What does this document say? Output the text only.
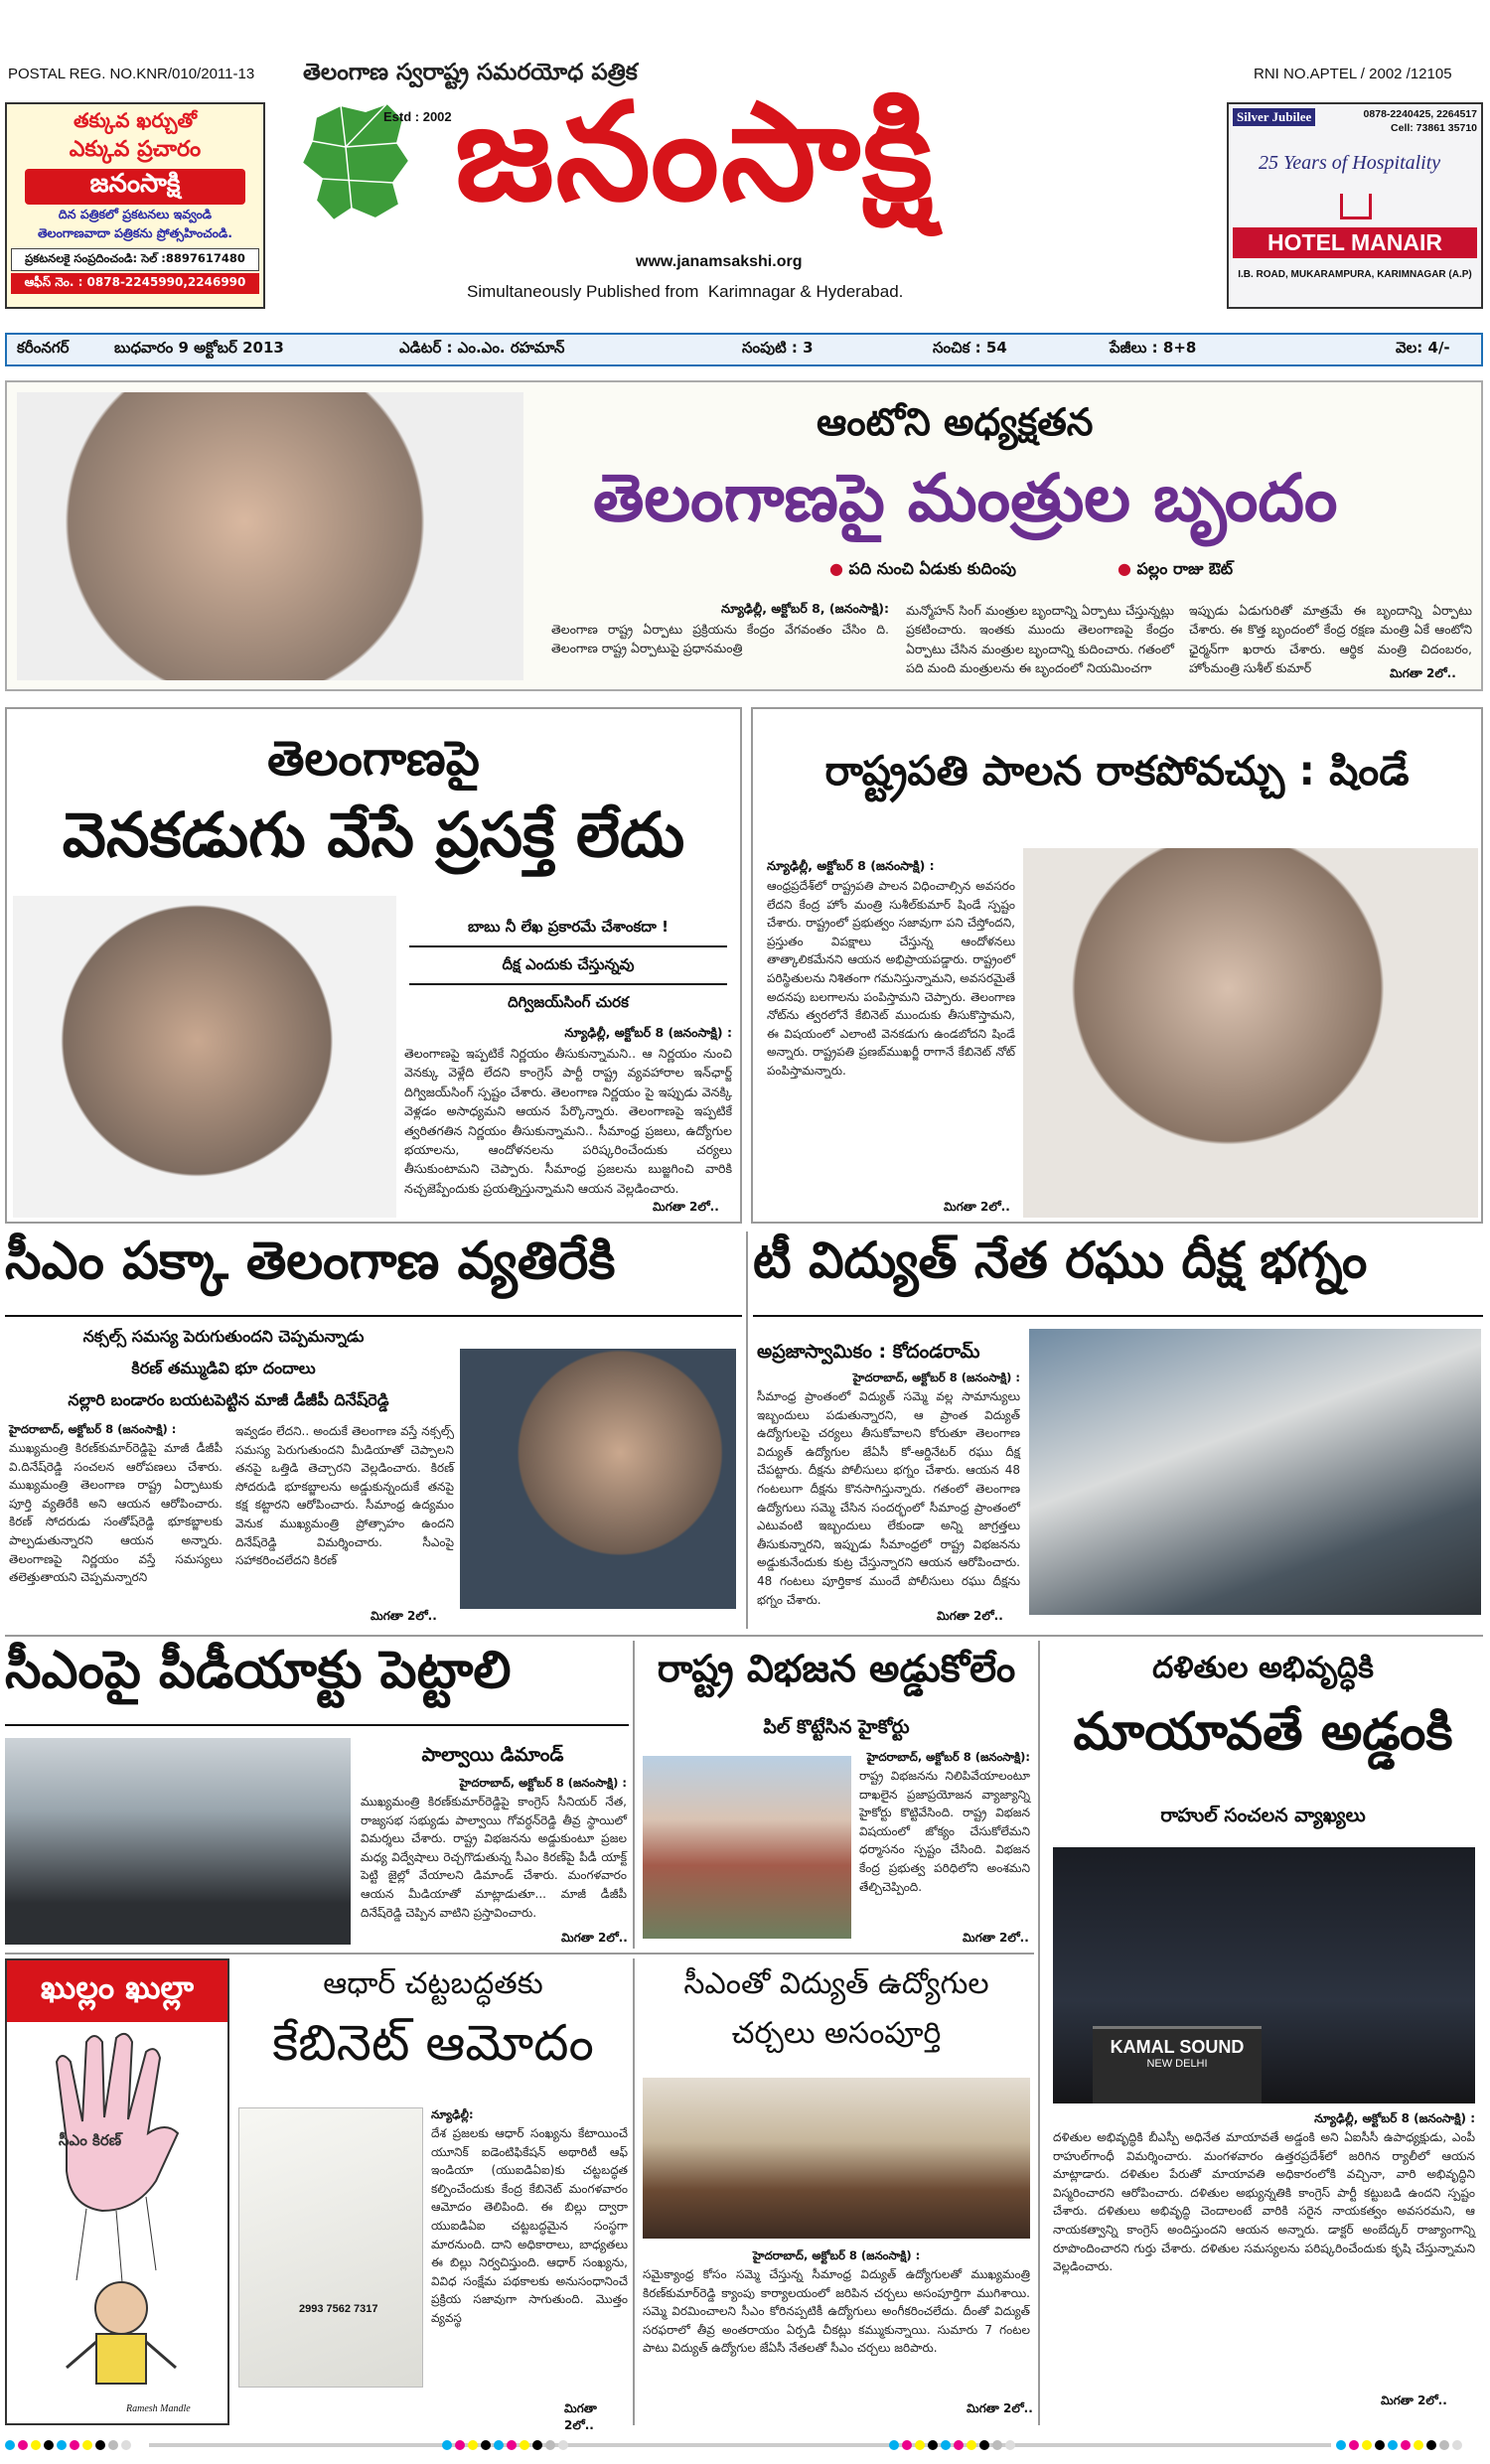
POSTAL REG. NO.KNR/010/2011-13 తెలంగాణ స్వరాష్ట్ర సమరయోధ పత్రిక	RNI NO.APTEL / 2002 /12105
తక్కువ ఖర్చుతో
ఎక్కువ ప్రచారం
జనంసాక్షి
దిన పత్రికలో ప్రకటనలు ఇవ్వండి
తెలంగాణవాదా పత్రికను ప్రోత్సహించండి.
ప్రకటనలకై సంప్రదించండి: సెల్ :8897617480
ఆఫీస్ నెం. : 0878-2245990,2246990
Estd : 2002 జనంసాక్షి
www.janamsakshi.org
Simultaneously Published from  Karimnagar & Hyderabad.
Silver Jubilee	0878-2240425, 2264517
Cell: 73861 35710
25 Years of Hospitality
HOTEL MANAIR
I.B. ROAD, MUKARAMPURA, KARIMNAGAR (A.P)
కరీంనగర్	బుధవారం 9 అక్టోబర్ 2013	ఎడిటర్ : ఎం.ఎం. రహమాన్	సంపుటి : 3	సంచిక : 54	పేజీలు : 8+8	వెల: 4/-
ఆంటోని అధ్యక్షతన
తెలంగాణపై మంత్రుల బృందం
● పది నుంచి ఏడుకు కుదింపు	● పల్లం రాజు ఔట్
న్యూఢిల్లీ, అక్టోబర్ 8, (జనంసాక్షి):
తెలంగాణ రాష్ట్ర ఏర్పాటు ప్రక్రియను కేంద్రం వేగవంతం చేసిం ది. తెలంగాణ రాష్ట్ర ఏర్పాటుపై ప్రధానమంత్రి
మన్మోహన్ సింగ్ మంత్రుల బృందాన్ని ఏర్పాటు చేస్తున్నట్లు ప్రకటించారు. ఇంతకు ముందు తెలంగాణపై కేంద్రం ఏర్పాటు చేసిన మంత్రుల బృందాన్ని కుదించారు. గతంలో పది మంది మంత్రులను ఈ బృందంలో నియమించగా
ఇప్పుడు ఏడుగురితో మాత్రమే ఈ బృందాన్ని ఏర్పాటు చేశారు. ఈ కొత్త బృందంలో కేంద్ర రక్షణ మంత్రి ఏకే ఆంటోని ఛైర్మన్‌గా ఖరారు చేశారు. ఆర్థిక మంత్రి చిదంబరం, హోంమంత్రి సుశీల్ కుమార్	మిగతా 2లో..
తెలంగాణపై
వెనకడుగు వేసే ప్రసక్తే లేదు
బాబు నీ లేఖ ప్రకారమే చేశాంకదా !
దీక్ష ఎందుకు చేస్తున్నవు
దిగ్విజయ్‌సింగ్ చురక
న్యూఢిల్లీ, అక్టోబర్ 8 (జనంసాక్షి) :
తెలంగాణపై ఇప్పటికే నిర్ణయం తీసుకున్నామని.. ఆ నిర్ణయం నుంచి వెనక్కు వెళ్లేది లేదని కాంగ్రెస్ పార్టీ రాష్ట్ర వ్యవహారాల ఇన్‌ఛార్జ్ దిగ్విజయ్‌సింగ్ స్పష్టం చేశారు. తెలంగాణ నిర్ణయం పై ఇప్పుడు వెనక్కి వెళ్లడం అసాధ్యమని ఆయన పేర్కొన్నారు. తెలంగాణపై ఇప్పటికే త్వరితగతిన నిర్ణయం తీసుకున్నామని.. సీమాంధ్ర ప్రజలు, ఉద్యోగుల భయాలను, ఆందోళనలను పరిష్కరించేందుకు చర్యలు తీసుకుంటామని చెప్పారు. సీమాంధ్ర ప్రజలను బుజ్జగించి వారికి నచ్చజెప్పేందుకు ప్రయత్నిస్తున్నామని ఆయన వెల్లడించారు.
మిగతా 2లో..
రాష్ట్రపతి పాలన రాకపోవచ్చు : షిండే
న్యూఢిల్లీ, అక్టోబర్ 8 (జనంసాక్షి) :
ఆంధ్రప్రదేశ్‌లో రాష్ట్రపతి పాలన విధించాల్సిన అవసరం లేదని కేంద్ర హోం మంత్రి సుశీల్‌కుమార్ షిండే స్పష్టం చేశారు. రాష్ట్రంలో ప్రభుత్వం సజావుగా పని చేస్తోందని, ప్రస్తుతం విపక్షాలు చేస్తున్న ఆందోళనలు తాత్కాలికమేనని ఆయన అభిప్రాయపడ్డారు. రాష్ట్రంలో పరిస్థితులను నిశితంగా గమనిస్తున్నామని, అవసరమైతే అదనపు బలగాలను పంపిస్తామని చెప్పారు. తెలంగాణ నోట్‌ను త్వరలోనే కేబినెట్ ముందుకు తీసుకొస్తామని, ఈ విషయంలో ఎలాంటి వెనకడుగు ఉండబోదని షిండే అన్నారు. రాష్ట్రపతి ప్రణబ్‌ముఖర్జీ రాగానే కేబినెట్ నోట్ పంపిస్తామన్నారు.
మిగతా 2లో..
సీఎం పక్కా తెలంగాణ వ్యతిరేకి
నక్సల్స్ సమస్య పెరుగుతుందని చెప్పమన్నాడు
కిరణ్ తమ్ముడివి భూ దందాలు
నల్లారి బండారం బయటపెట్టిన మాజీ డీజీపీ దినేష్‌రెడ్డి
హైదరాబాద్, అక్టోబర్ 8 (జనంసాక్షి) :
ముఖ్యమంత్రి కిరణ్‌కుమార్‌రెడ్డిపై మాజీ డీజీపీ వి.దినేష్‌రెడ్డి సంచలన ఆరోపణలు చేశారు. ముఖ్యమంత్రి తెలంగాణ రాష్ట్ర ఏర్పాటుకు పూర్తి వ్యతిరేకి అని ఆయన ఆరోపించారు. కిరణ్ సోదరుడు సంతోష్‌రెడ్డి భూకబ్జాలకు పాల్పడుతున్నారని ఆయన అన్నారు. తెలంగాణపై నిర్ణయం వస్తే సమస్యలు తలెత్తుతాయని చెప్పమన్నారని
ఇవ్వడం లేదని.. అందుకే తెలంగాణ వస్తే నక్సల్స్ సమస్య పెరుగుతుందని మీడియాతో చెప్పాలని తనపై ఒత్తిడి తెచ్చారని వెల్లడించారు. కిరణ్ సోదరుడి భూకబ్జాలను అడ్డుకున్నందుకే తనపై కక్ష కట్టారని ఆరోపించారు. సీమాంధ్ర ఉద్యమం వెనుక ముఖ్యమంత్రి ప్రోత్సాహం ఉందని దినేష్‌రెడ్డి విమర్శించారు. సీఎంపై సహాకరించలేదని కిరణ్
మిగతా 2లో..
టీ విద్యుత్ నేత రఘు దీక్ష భగ్నం
అప్రజాస్వామికం : కోదండరామ్
హైదరాబాద్, అక్టోబర్ 8 (జనంసాక్షి) :
సీమాంధ్ర ప్రాంతంలో విద్యుత్ సమ్మె వల్ల సామాన్యులు ఇబ్బందులు పడుతున్నారని, ఆ ప్రాంత విద్యుత్ ఉద్యోగులపై చర్యలు తీసుకోవాలని కోరుతూ తెలంగాణ విద్యుత్ ఉద్యోగుల జేఏసీ కో-ఆర్డినేటర్ రఘు దీక్ష చేపట్టారు. దీక్షను పోలీసులు భగ్నం చేశారు. ఆయన 48 గంటలుగా దీక్షను కొనసాగిస్తున్నారు. గతంలో తెలంగాణ ఉద్యోగులు సమ్మె చేసిన సందర్భంలో సీమాంధ్ర ప్రాంతంలో ఎటువంటి ఇబ్బందులు లేకుండా అన్ని జాగ్రత్తలు తీసుకున్నారని, ఇప్పుడు సీమాంధ్రలో రాష్ట్ర విభజనను అడ్డుకునేందుకు కుట్ర చేస్తున్నారని ఆయన ఆరోపించారు. 48 గంటలు పూర్తికాక ముందే పోలీసులు రఘు దీక్షను భగ్నం చేశారు.
మిగతా 2లో..
సీఎంపై పీడీయాక్టు పెట్టాలి
పాల్వాయి డిమాండ్
హైదరాబాద్, అక్టోబర్ 8 (జనంసాక్షి) :
ముఖ్యమంత్రి కిరణ్‌కుమార్‌రెడ్డిపై కాంగ్రెస్ సీనియర్ నేత, రాజ్యసభ సభ్యుడు పాల్వాయి గోవర్ధన్‌రెడ్డి తీవ్ర స్థాయిలో విమర్శలు చేశారు. రాష్ట్ర విభజనను అడ్డుకుంటూ ప్రజల మధ్య విద్వేషాలు రెచ్చగొడుతున్న సీఎం కిరణ్‌పై పీడీ యాక్ట్ పెట్టి జైల్లో వేయాలని డిమాండ్ చేశారు. మంగళవారం ఆయన మీడియాతో మాట్లాడుతూ... మాజీ డీజీపీ దినేష్‌రెడ్డి చెప్పిన వాటిని ప్రస్తావించారు.
మిగతా 2లో..
రాష్ట్ర విభజన అడ్డుకోలేం
పిల్ కొట్టేసిన హైకోర్టు
హైదరాబాద్, అక్టోబర్ 8 (జనంసాక్షి):
రాష్ట్ర విభజనను నిలిపివేయాలంటూ దాఖలైన ప్రజాప్రయోజన వ్యాజ్యాన్ని హైకోర్టు కొట్టివేసింది. రాష్ట్ర విభజన విషయంలో జోక్యం చేసుకోలేమని ధర్మాసనం స్పష్టం చేసింది. విభజన కేంద్ర ప్రభుత్వ పరిధిలోని అంశమని తేల్చిచెప్పింది.
మిగతా 2లో..
దళితుల అభివృద్ధికి
మాయావతే అడ్డంకి
రాహుల్ సంచలన వ్యాఖ్యలు
KAMAL SOUND
NEW DELHI
న్యూఢిల్లీ, అక్టోబర్ 8 (జనంసాక్షి) :
దళితుల అభివృద్ధికి బీఎస్పీ అధినేత మాయావతే అడ్డంకి అని ఏఐసీసీ ఉపాధ్యక్షుడు, ఎంపీ రాహుల్‌గాంధీ విమర్శించారు. మంగళవారం ఉత్తరప్రదేశ్‌లో జరిగిన ర్యాలీలో ఆయన మాట్లాడారు. దళితుల పేరుతో మాయావతి అధికారంలోకి వచ్చినా, వారి అభివృద్ధిని విస్మరించారని ఆరోపించారు. దళితుల అభ్యున్నతికి కాంగ్రెస్ పార్టీ కట్టుబడి ఉందని స్పష్టం చేశారు. దళితులు అభివృద్ధి చెందాలంటే వారికి సరైన నాయకత్వం అవసరమని, ఆ నాయకత్వాన్ని కాంగ్రెస్ అందిస్తుందని ఆయన అన్నారు. డాక్టర్ అంబేద్కర్ రాజ్యాంగాన్ని రూపొందించారని గుర్తు చేశారు. దళితుల సమస్యలను పరిష్కరించేందుకు కృషి చేస్తున్నామని వెల్లడించారు.
మిగతా 2లో..
ఖుల్లం ఖుల్లా
సీఎం కిరణ్
Ramesh Mandle
ఆధార్ చట్టబద్ధతకు
కేబినెట్ ఆమోదం
2993 7562 7317
న్యూఢిల్లీ:
దేశ ప్రజలకు ఆధార్ సంఖ్యను కేటాయించే యూనిక్ ఐడెంటిఫికేషన్ అథారిటీ ఆఫ్ ఇండియా (యుఐడిఏఐ)కు చట్టబద్ధత కల్పించేందుకు కేంద్ర కేబినెట్ మంగళవారం ఆమోదం తెలిపింది. ఈ బిల్లు ద్వారా యుఐడిఏఐ చట్టబద్ధమైన సంస్థగా మారనుంది. దాని అధికారాలు, బాధ్యతలు ఈ బిల్లు నిర్వచిస్తుంది. ఆధార్ సంఖ్యను, వివిధ సంక్షేమ పథకాలకు అనుసంధానించే ప్రక్రియ సజావుగా సాగుతుంది. మొత్తం వ్యవస్థ
మిగతా 2లో..
సీఎంతో విద్యుత్ ఉద్యోగుల
చర్చలు అసంపూర్తి
హైదరాబాద్, అక్టోబర్ 8 (జనంసాక్షి) :
సమైక్యాంధ్ర కోసం సమ్మె చేస్తున్న సీమాంధ్ర విద్యుత్ ఉద్యోగులతో ముఖ్యమంత్రి కిరణ్‌కుమార్‌రెడ్డి క్యాంపు కార్యాలయంలో జరిపిన చర్చలు అసంపూర్తిగా ముగిశాయి. సమ్మె విరమించాలని సీఎం కోరినప్పటికీ ఉద్యోగులు అంగీకరించలేదు. దీంతో విద్యుత్ సరఫరాలో తీవ్ర అంతరాయం ఏర్పడి చీకట్లు కమ్ముకున్నాయి. సుమారు 7 గంటల పాటు విద్యుత్ ఉద్యోగుల జేఏసీ నేతలతో సీఎం చర్చలు జరిపారు.
మిగతా 2లో..
